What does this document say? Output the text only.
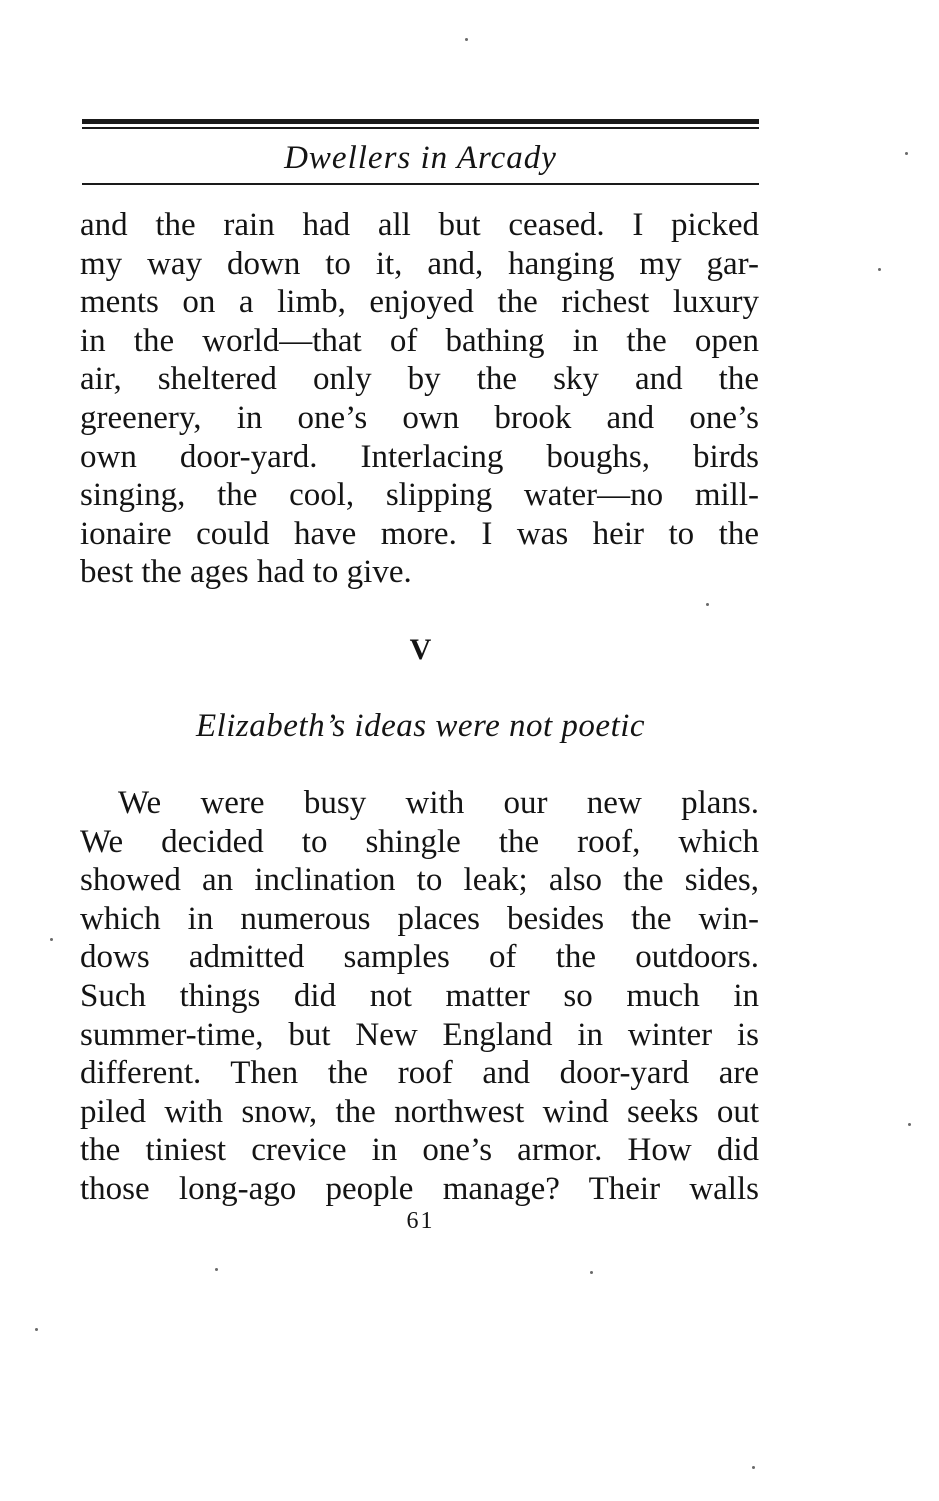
Dwellers in Arcady

and the rain had all but ceased. I picked
my way down to it, and, hanging my gar-
ments on a limb, enjoyed the richest luxury
in the world—that of bathing in the open
air, sheltered only by the sky and the
greenery, in one’s own brook and one’s
own door-yard. Interlacing boughs, birds
singing, the cool, slipping water—no mill-
ionaire could have more. I was heir to the
best the ages had to give.

V
Elizabeth’s ideas were not poetic

We were busy with our new plans.
We decided to shingle the roof, which
showed an inclination to leak; also the sides,
which in numerous places besides the win-
dows admitted samples of the outdoors.
Such things did not matter so much in
summer-time, but New England in winter is
different. Then the roof and door-yard are
piled with snow, the northwest wind seeks out
the tiniest crevice in one’s armor. How did
those long-ago people manage? Their walls

61
